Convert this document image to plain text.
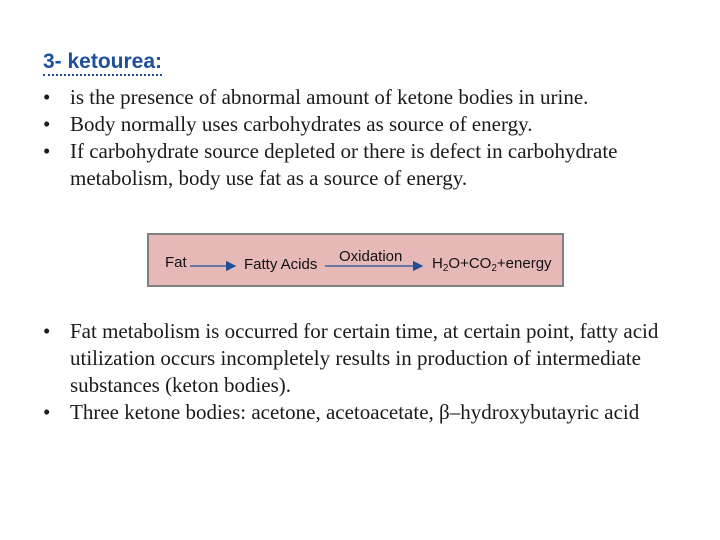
3- ketourea:
• is the presence of abnormal amount of ketone bodies in urine.
• Body normally uses carbohydrates as source of energy.
• If carbohydrate source depleted or there is defect in carbohydrate metabolism, body use fat as a source of energy.
Fat	Fatty Acids Oxidation $H_2O+CO_2+energy$
• Fat metabolism is occurred for certain time, at certain point, fatty acid utilization occurs incompletely results in production of intermediate substances (keton bodies).
• Three ketone bodies: acetone, acetoacetate, β–hydroxybutayric acid
